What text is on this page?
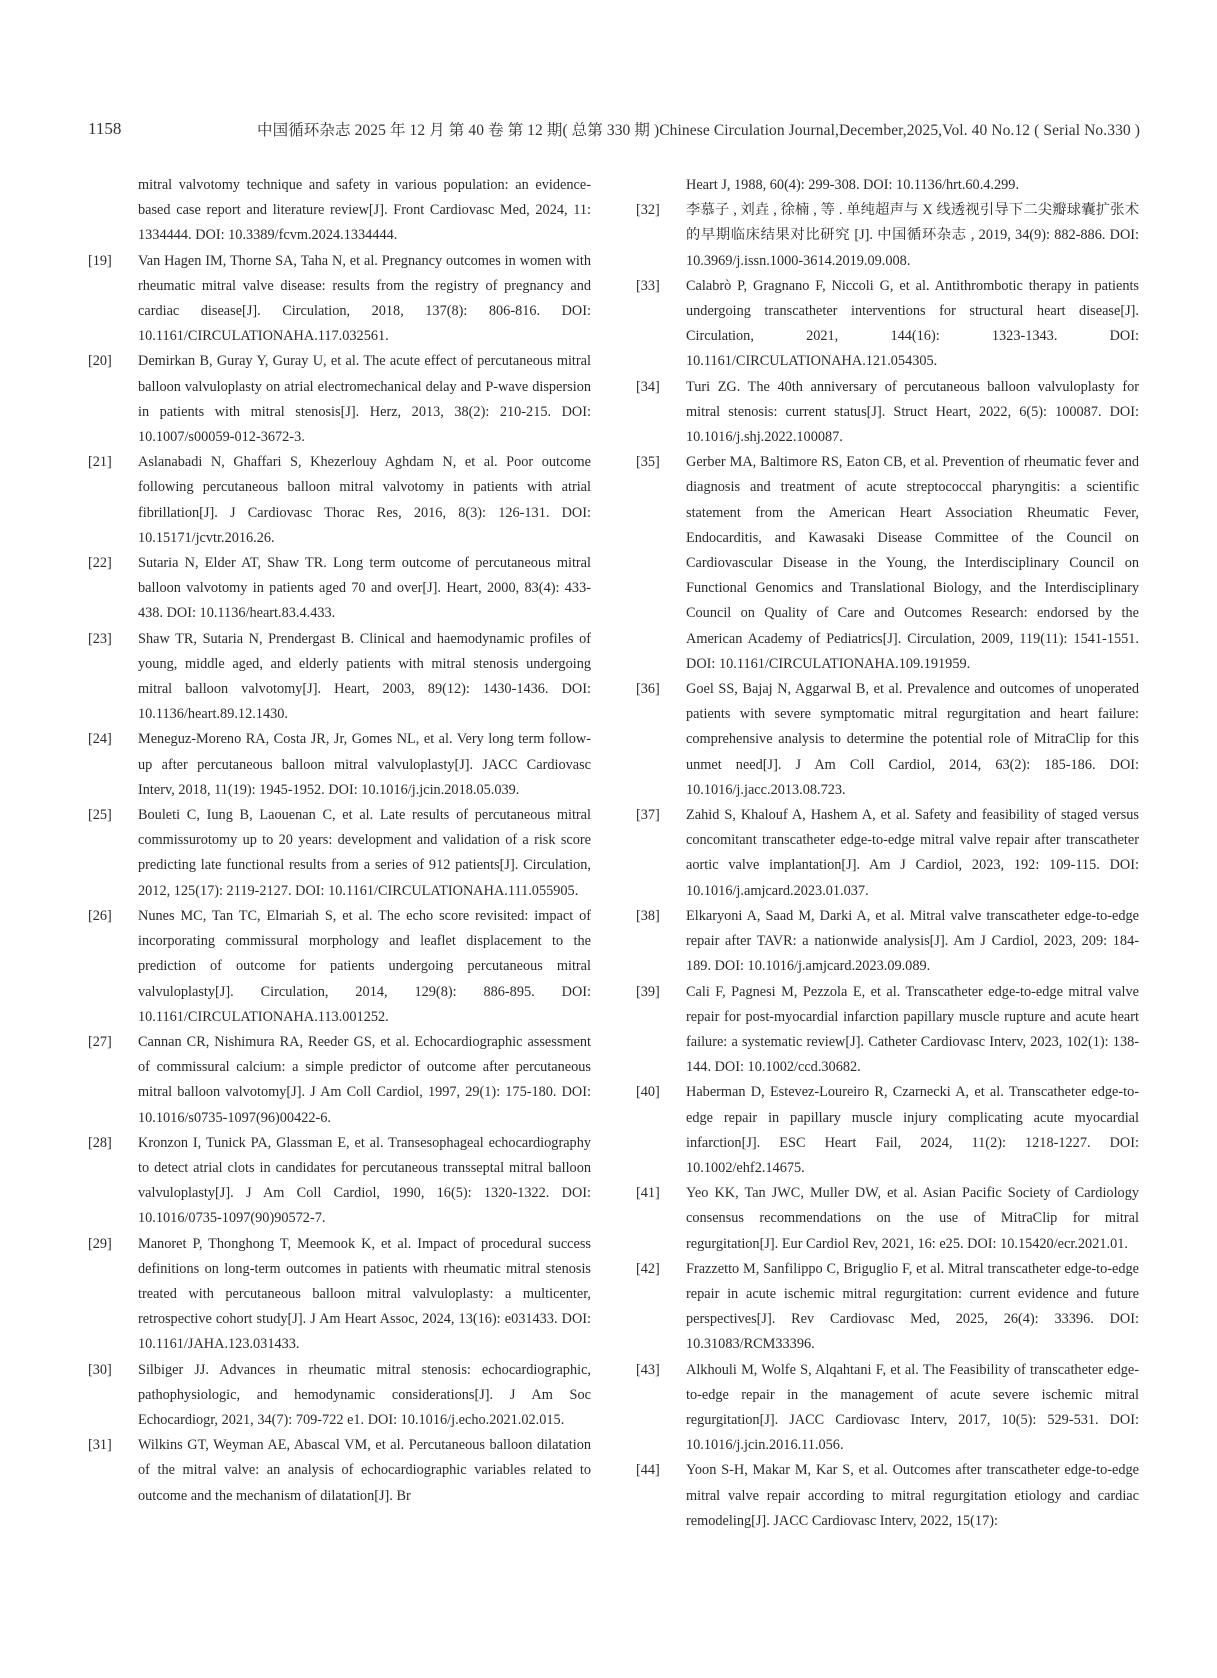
1158	中国循环杂志 2025 年 12 月 第 40 卷 第 12 期( 总第 330 期 )Chinese Circulation Journal,December,2025,Vol. 40 No.12 ( Serial No.330 )
mitral valvotomy technique and safety in various population: an evidence-based case report and literature review[J]. Front Cardiovasc Med, 2024, 11: 1334444. DOI: 10.3389/fcvm.2024.1334444.
[19]	Van Hagen IM, Thorne SA, Taha N, et al. Pregnancy outcomes in women with rheumatic mitral valve disease: results from the registry of pregnancy and cardiac disease[J]. Circulation, 2018, 137(8): 806-816. DOI: 10.1161/CIRCULATIONAHA.117.032561.
[20]	Demirkan B, Guray Y, Guray U, et al. The acute effect of percutaneous mitral balloon valvuloplasty on atrial electromechanical delay and P-wave dispersion in patients with mitral stenosis[J]. Herz, 2013, 38(2): 210-215. DOI: 10.1007/s00059-012-3672-3.
[21]	Aslanabadi N, Ghaffari S, Khezerlouy Aghdam N, et al. Poor outcome following percutaneous balloon mitral valvotomy in patients with atrial fibrillation[J]. J Cardiovasc Thorac Res, 2016, 8(3): 126-131. DOI: 10.15171/jcvtr.2016.26.
[22]	Sutaria N, Elder AT, Shaw TR. Long term outcome of percutaneous mitral balloon valvotomy in patients aged 70 and over[J]. Heart, 2000, 83(4): 433-438. DOI: 10.1136/heart.83.4.433.
[23]	Shaw TR, Sutaria N, Prendergast B. Clinical and haemodynamic profiles of young, middle aged, and elderly patients with mitral stenosis undergoing mitral balloon valvotomy[J]. Heart, 2003, 89(12): 1430-1436. DOI: 10.1136/heart.89.12.1430.
[24]	Meneguz-Moreno RA, Costa JR, Jr, Gomes NL, et al. Very long term follow-up after percutaneous balloon mitral valvuloplasty[J]. JACC Cardiovasc Interv, 2018, 11(19): 1945-1952. DOI: 10.1016/j.jcin.2018.05.039.
[25]	Bouleti C, Iung B, Laouenan C, et al. Late results of percutaneous mitral commissurotomy up to 20 years: development and validation of a risk score predicting late functional results from a series of 912 patients[J]. Circulation, 2012, 125(17): 2119-2127. DOI: 10.1161/CIRCULATIONAHA.111.055905.
[26]	Nunes MC, Tan TC, Elmariah S, et al. The echo score revisited: impact of incorporating commissural morphology and leaflet displacement to the prediction of outcome for patients undergoing percutaneous mitral valvuloplasty[J]. Circulation, 2014, 129(8): 886-895. DOI: 10.1161/CIRCULATIONAHA.113.001252.
[27]	Cannan CR, Nishimura RA, Reeder GS, et al. Echocardiographic assessment of commissural calcium: a simple predictor of outcome after percutaneous mitral balloon valvotomy[J]. J Am Coll Cardiol, 1997, 29(1): 175-180. DOI: 10.1016/s0735-1097(96)00422-6.
[28]	Kronzon I, Tunick PA, Glassman E, et al. Transesophageal echocardiography to detect atrial clots in candidates for percutaneous transseptal mitral balloon valvuloplasty[J]. J Am Coll Cardiol, 1990, 16(5): 1320-1322. DOI: 10.1016/0735-1097(90)90572-7.
[29]	Manoret P, Thonghong T, Meemook K, et al. Impact of procedural success definitions on long-term outcomes in patients with rheumatic mitral stenosis treated with percutaneous balloon mitral valvuloplasty: a multicenter, retrospective cohort study[J]. J Am Heart Assoc, 2024, 13(16): e031433. DOI: 10.1161/JAHA.123.031433.
[30]	Silbiger JJ. Advances in rheumatic mitral stenosis: echocardiographic, pathophysiologic, and hemodynamic considerations[J]. J Am Soc Echocardiogr, 2021, 34(7): 709-722 e1. DOI: 10.1016/j.echo.2021.02.015.
[31]	Wilkins GT, Weyman AE, Abascal VM, et al. Percutaneous balloon dilatation of the mitral valve: an analysis of echocardiographic variables related to outcome and the mechanism of dilatation[J]. Br
Heart J, 1988, 60(4): 299-308. DOI: 10.1136/hrt.60.4.299.
[32]	李慕子 , 刘垚 , 徐楠 , 等 . 单纯超声与 X 线透视引导下二尖瓣球囊扩张术的早期临床结果对比研究 [J]. 中国循环杂志 , 2019, 34(9): 882-886. DOI: 10.3969/j.issn.1000-3614.2019.09.008.
[33]	Calabrò P, Gragnano F, Niccoli G, et al. Antithrombotic therapy in patients undergoing transcatheter interventions for structural heart disease[J]. Circulation, 2021, 144(16): 1323-1343. DOI: 10.1161/CIRCULATIONAHA.121.054305.
[34]	Turi ZG. The 40th anniversary of percutaneous balloon valvuloplasty for mitral stenosis: current status[J]. Struct Heart, 2022, 6(5): 100087. DOI: 10.1016/j.shj.2022.100087.
[35]	Gerber MA, Baltimore RS, Eaton CB, et al. Prevention of rheumatic fever and diagnosis and treatment of acute streptococcal pharyngitis: a scientific statement from the American Heart Association Rheumatic Fever, Endocarditis, and Kawasaki Disease Committee of the Council on Cardiovascular Disease in the Young, the Interdisciplinary Council on Functional Genomics and Translational Biology, and the Interdisciplinary Council on Quality of Care and Outcomes Research: endorsed by the American Academy of Pediatrics[J]. Circulation, 2009, 119(11): 1541-1551. DOI: 10.1161/CIRCULATIONAHA.109.191959.
[36]	Goel SS, Bajaj N, Aggarwal B, et al. Prevalence and outcomes of unoperated patients with severe symptomatic mitral regurgitation and heart failure: comprehensive analysis to determine the potential role of MitraClip for this unmet need[J]. J Am Coll Cardiol, 2014, 63(2): 185-186. DOI: 10.1016/j.jacc.2013.08.723.
[37]	Zahid S, Khalouf A, Hashem A, et al. Safety and feasibility of staged versus concomitant transcatheter edge-to-edge mitral valve repair after transcatheter aortic valve implantation[J]. Am J Cardiol, 2023, 192: 109-115. DOI: 10.1016/j.amjcard.2023.01.037.
[38]	Elkaryoni A, Saad M, Darki A, et al. Mitral valve transcatheter edge-to-edge repair after TAVR: a nationwide analysis[J]. Am J Cardiol, 2023, 209: 184-189. DOI: 10.1016/j.amjcard.2023.09.089.
[39]	Cali F, Pagnesi M, Pezzola E, et al. Transcatheter edge-to-edge mitral valve repair for post-myocardial infarction papillary muscle rupture and acute heart failure: a systematic review[J]. Catheter Cardiovasc Interv, 2023, 102(1): 138-144. DOI: 10.1002/ccd.30682.
[40]	Haberman D, Estevez-Loureiro R, Czarnecki A, et al. Transcatheter edge-to-edge repair in papillary muscle injury complicating acute myocardial infarction[J]. ESC Heart Fail, 2024, 11(2): 1218-1227. DOI: 10.1002/ehf2.14675.
[41]	Yeo KK, Tan JWC, Muller DW, et al. Asian Pacific Society of Cardiology consensus recommendations on the use of MitraClip for mitral regurgitation[J]. Eur Cardiol Rev, 2021, 16: e25. DOI: 10.15420/ecr.2021.01.
[42]	Frazzetto M, Sanfilippo C, Briguglio F, et al. Mitral transcatheter edge-to-edge repair in acute ischemic mitral regurgitation: current evidence and future perspectives[J]. Rev Cardiovasc Med, 2025, 26(4): 33396. DOI: 10.31083/RCM33396.
[43]	Alkhouli M, Wolfe S, Alqahtani F, et al. The Feasibility of transcatheter edge-to-edge repair in the management of acute severe ischemic mitral regurgitation[J]. JACC Cardiovasc Interv, 2017, 10(5): 529-531. DOI: 10.1016/j.jcin.2016.11.056.
[44]	Yoon S-H, Makar M, Kar S, et al. Outcomes after transcatheter edge-to-edge mitral valve repair according to mitral regurgitation etiology and cardiac remodeling[J]. JACC Cardiovasc Interv, 2022, 15(17):
